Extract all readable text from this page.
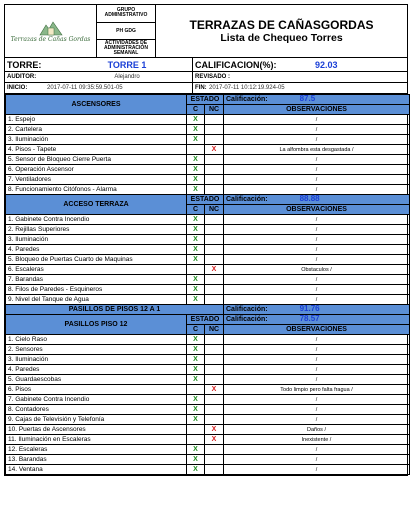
Terrazas de Cañas Gordas
GRUPO ADMINISTRATIVO
PH GDG
ACTIVIDADES DE ADMINISTRACIÓN SEMANAL
TERRAZAS DE CAÑASGORDAS
Lista de Chequeo Torres
TORRE:	TORRE 1	CALIFICACION(%):	92.03
AUDITOR:	Alejandro	REVISADO :
INICIO:	2017-07-11 09:35:59.501-05	FIN: 2017-07-11 10:12:19.924-05
ASCENSORES	ESTADO		Calificación: 87.5
	C	NC	OBSERVACIONES
1. Espejo	X		/
2. Cartelera	X		/
3. Iluminación	X		/
4. Pisos - Tapete		X	La alfombra esta desgastada /
5. Sensor de Bloqueo Cierre Puerta	X		/
6. Operación Ascensor	X		/
7. Ventiladores	X		/
8. Funcionamiento Citófonos - Alarma	X		/
ACCESO TERRAZA	ESTADO		Calificación: 88.88
	C	NC	OBSERVACIONES
1. Gabinete Contra Incendio	X		/
2. Rejillas Superiores	X		/
3. Iluminación	X		/
4. Paredes	X		/
5. Bloqueo de Puertas Cuarto de Maquinas	X		/
6. Escaleras		X	Obstaculos /
7. Barandas	X		/
8. Filos de Paredes - Esquineros	X		/
9. Nivel del Tanque de Agua	X		/
PASILLOS DE PISOS 12 A 1			Calificación: 91.76
PASILLOS PISO 12	ESTADO		Calificación: 78.57
	C	NC	OBSERVACIONES
1. Cielo Raso	X		/
2. Sensores	X		/
3. Iluminación	X		/
4. Paredes	X		/
5. Guardaescobas	X		/
6. Pisos		X	Todo limpio pero falta fragua /
7. Gabinete Contra Incendio	X		/
8. Contadores	X		/
9. Cajas de Televisión y Telefonía	X		/
10. Puertas de Ascensores		X	Daños /
11. Iluminación en Escaleras		X	Inexistente /
12. Escaleras	X		/
13. Barandas	X		/
14. Ventana	X		/
